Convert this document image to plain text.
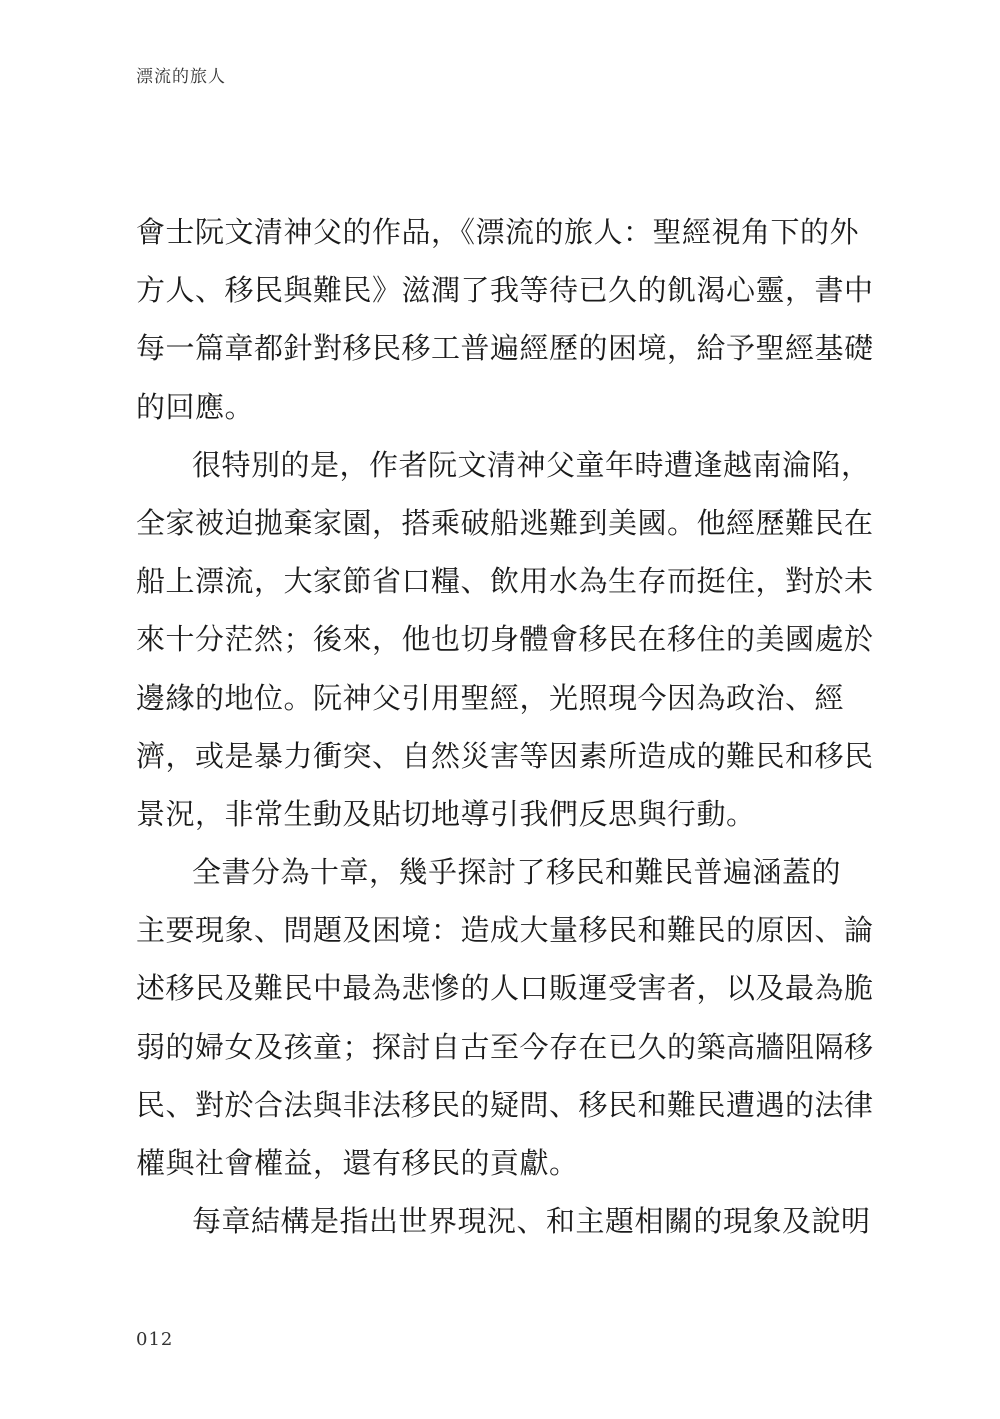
漂流的旅人
會士阮文清神父的作品，《漂流的旅人：聖經視角下的外
方人、移民與難民》滋潤了我等待已久的飢渴心靈，書中
每一篇章都針對移民移工普遍經歷的困境，給予聖經基礎
的回應。
很特別的是，作者阮文清神父童年時遭逢越南淪陷，
全家被迫拋棄家園，搭乘破船逃難到美國。他經歷難民在
船上漂流，大家節省口糧、飲用水為生存而挺住，對於未
來十分茫然；後來，他也切身體會移民在移住的美國處於
邊緣的地位。阮神父引用聖經，光照現今因為政治、經
濟，或是暴力衝突、自然災害等因素所造成的難民和移民
景況，非常生動及貼切地導引我們反思與行動。
全書分為十章，幾乎探討了移民和難民普遍涵蓋的
主要現象、問題及困境：造成大量移民和難民的原因、論
述移民及難民中最為悲慘的人口販運受害者，以及最為脆
弱的婦女及孩童；探討自古至今存在已久的築高牆阻隔移
民、對於合法與非法移民的疑問、移民和難民遭遇的法律
權與社會權益，還有移民的貢獻。
每章結構是指出世界現況、和主題相關的現象及說明
012
